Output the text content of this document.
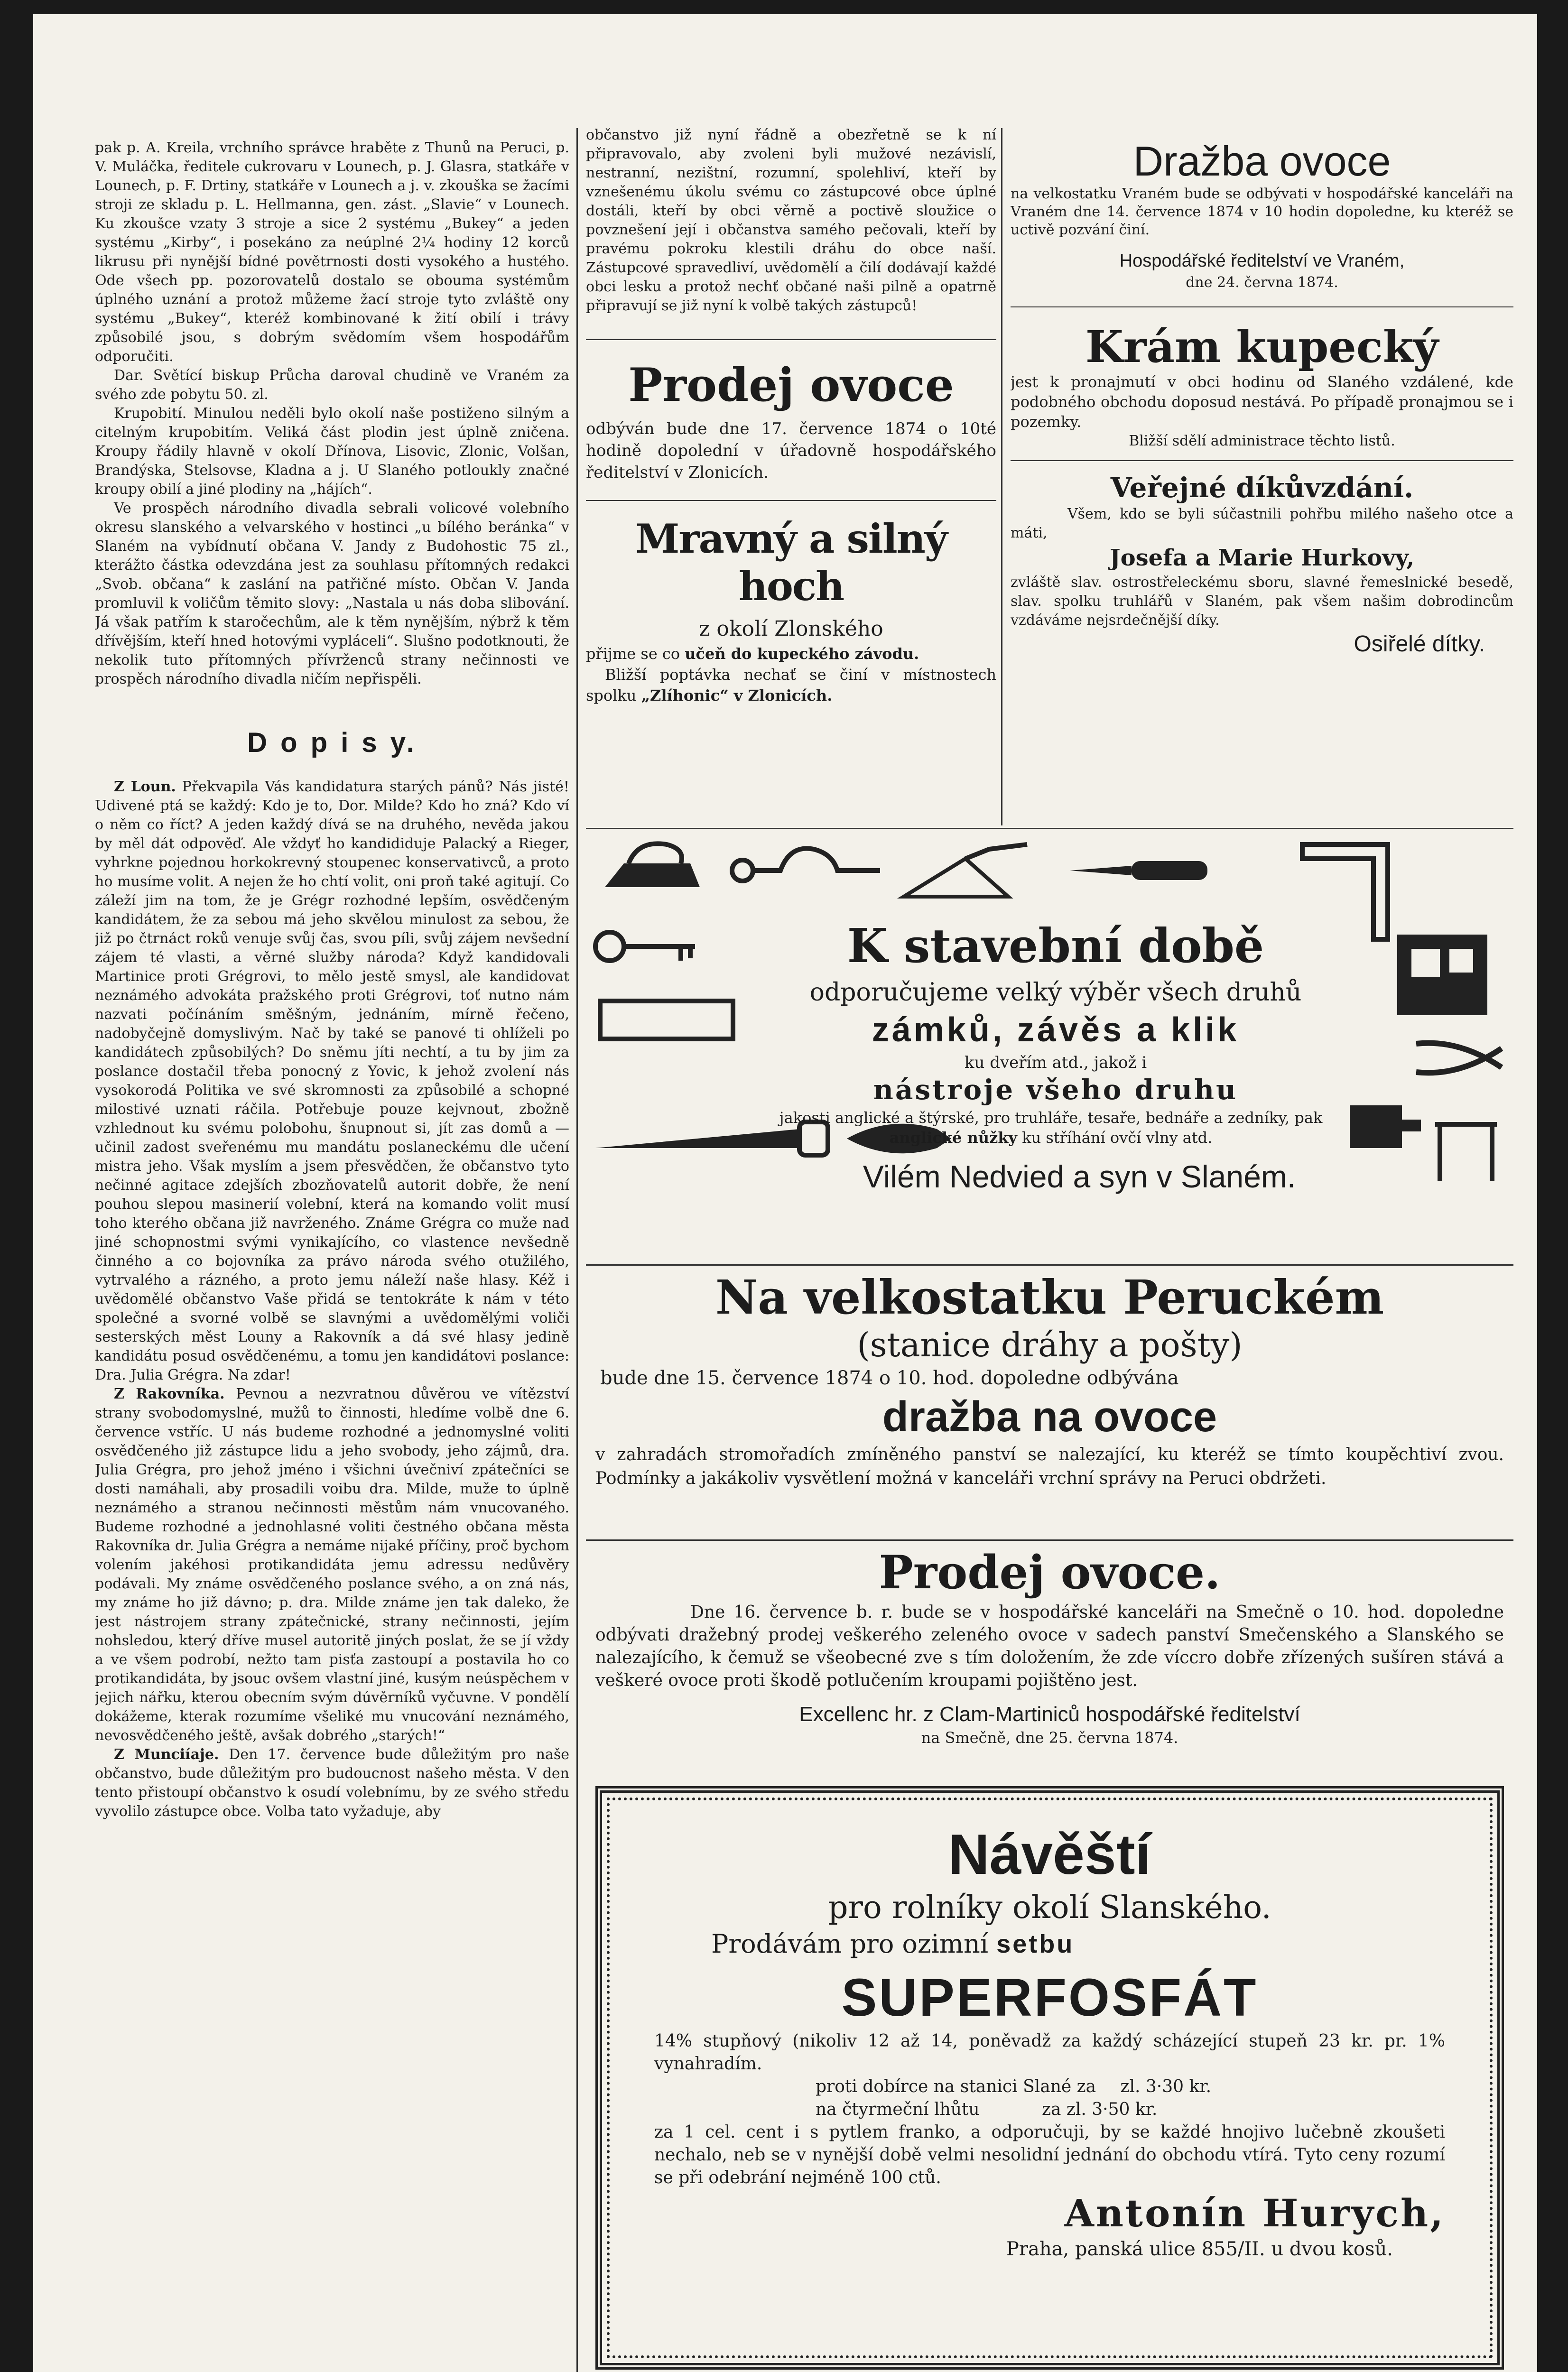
pak p. A. Kreila, vrchního správce hraběte z Thunů na Peruci, p. V. Muláčka, ředitele cukrovaru v Lounech, p. J. Glasra, statkáře v Lounech, p. F. Drtiny, statkáře v Lounech a j. v. zkouška se žacími stroji ze skladu p. L. Hellmanna, gen. zást. „Slavie“ v Lounech. Ku zkoušce vzaty 3 stroje a sice 2 systému „Bukey“ a jeden systému „Kirby“, i posekáno za neúplné 2¼ hodiny 12 korců likrusu při nynější bídné povětrnosti dosti vysokého a hustého. Ode všech pp. pozorovatelů dostalo se obouma systémům úplného uznání a protož můžeme žací stroje tyto zvláště ony systému „Bukey“, kteréž kombinované k žití obilí i trávy způsobilé jsou, s dobrým svědomím všem hospodářům odporučiti.

Dar. Světící biskup Průcha daroval chudině ve Vraném za svého zde pobytu 50. zl.

Krupobití. Minulou neděli bylo okolí naše postiženo silným a citelným krupobitím. Veliká část plodin jest úplně zničena. Kroupy řádily hlavně v okolí Dřínova, Lisovic, Zlonic, Volšan, Brandýska, Stelsovse, Kladna a j. U Slaného potloukly značné kroupy obilí a jiné plodiny na „hájích“.

Ve prospěch národního divadla sebrali volicové volebního okresu slanského a velvarského v hostinci „u bílého beránka“ v Slaném na vybídnutí občana V. Jandy z Budohostic 75 zl., kterážto částka odevzdána jest za souhlasu přítomných redakci „Svob. občana“ k zaslání na patřičné místo. Občan V. Janda promluvil k voličům těmito slovy: „Nastala u nás doba slibování. Já však patřím k staročechům, ale k těm nynějším, nýbrž k těm dřívějším, kteří hned hotovými vypláceli“. Slušno podotknouti, že nekolik tuto přítomných přívrženců strany nečinnosti ve prospěch národního divadla ničím nepřispěli.

D o p i s y.

Z Loun. Překvapila Vás kandidatura starých pánů? Nás jisté! Udivené ptá se každý: Kdo je to, Dor. Milde? Kdo ho zná? Kdo ví o něm co říct? A jeden každý dívá se na druhého, nevěda jakou by měl dát odpověď. Ale vždyť ho kandididuje Palacký a Rieger, vyhrkne pojednou horkokrevný stoupenec konservativců, a proto ho musíme volit. A nejen že ho chtí volit, oni proň také agitují. Co záleží jim na tom, že je Grégr rozhodné lepším, osvědčeným kandidátem, že za sebou má jeho skvělou minulost za sebou, že již po čtrnáct roků venuje svůj čas, svou píli, svůj zájem nevšední zájem té vlasti, a věrné služby národa? Když kandidovali Martinice proti Grégrovi, to mělo jestě smysl, ale kandidovat neznámého advokáta pražského proti Grégrovi, toť nutno nám nazvati počínáním směšným, jednáním, mírně řečeno, nadobyčejně domyslivým. Nač by také se panové ti ohlíželi po kandidátech způsobilých? Do sněmu jíti nechtí, a tu by jim za poslance dostačil třeba ponocný z Yovic, k jehož zvolení nás vysokorodá Politika ve své skromnosti za způsobilé a schopné milostivé uznati ráčila. Potřebuje pouze kejvnout, zbožně vzhlednout ku svému polobohu, šnupnout si, jít zas domů a — učinil zadost sveřenému mu mandátu poslaneckému dle učení mistra jeho. Však myslím a jsem přesvědčen, že občanstvo tyto nečinné agitace zdejších zbozňovatelů autorit dobře, že není pouhou slepou masinerií volební, která na komando volit musí toho kterého občana již navrženého. Známe Grégra co muže nad jiné schopnostmi svými vynikajícího, co vlastence nevšedně činného a co bojovníka za právo národa svého otužilého, vytrvalého a rázného, a proto jemu náleží naše hlasy. Kéž i uvědomělé občanstvo Vaše přidá se tentokráte k nám v této společné a svorné volbě se slavnými a uvědomělými voliči sesterských měst Louny a Rakovník a dá své hlasy jedině kandidátu posud osvědčenému, a tomu jen kandidátovi poslance: Dra. Julia Grégra. Na zdar!

Z Rakovníka. Pevnou a nezvratnou důvěrou ve vítězství strany svobodomyslné, mužů to činnosti, hledíme volbě dne 6. července vstříc. U nás budeme rozhodné a jednomyslné voliti osvědčeného již zástupce lidu a jeho svobody, jeho zájmů, dra. Julia Grégra, pro jehož jméno i všichni úvečniví zpátečníci se dosti namáhali, aby prosadili voibu dra. Milde, muže to úplně neznámého a stranou nečinnosti městům nám vnucovaného. Budeme rozhodné a jednohlasné voliti čestného občana města Rakovníka dr. Julia Grégra a nemáme nijaké příčiny, proč bychom volením jakéhosi protikandidáta jemu adressu nedůvěry podávali. My známe osvědčeného poslance svého, a on zná nás, my známe ho již dávno; p. dra. Milde známe jen tak daleko, že jest nástrojem strany zpátečnické, strany nečinnosti, jejím nohsledou, který dříve musel autoritě jiných poslat, že se jí vždy a ve všem podrobí, nežto tam pisťa zastoupí a postavila ho co protikandidáta, by jsouc ovšem vlastní jiné, kusým neúspěchem v jejich nářku, kterou obecním svým dúvěrníků vyčuvne. V pondělí dokážeme, kterak rozumíme všeliké mu vnucování neznámého, nevosvědčeného ještě, avšak dobrého „starých!“

Z Munciíaje. Den 17. července bude důležitým pro naše občanstvo, bude důležitým pro budoucnost našeho města. V den tento přistoupí občanstvo k osudí volebnímu, by ze svého středu vyvolilo zástupce obce. Volba tato vyžaduje, aby

občanstvo již nyní řádně a obezřetně se k ní připravovalo, aby zvoleni byli mužové nezávislí, nestranní, nezištní, rozumní, spolehliví, kteří by vznešenému úkolu svému co zástupcové obce úplné dostáli, kteří by obci věrně a poctivě sloužice o povznešení její i občanstva samého pečovali, kteří by pravému pokroku klestili dráhu do obce naší. Zástupcové spravedliví, uvědomělí a čilí dodávají každé obci lesku a protož nechť občané naši pilně a opatrně připravují se již nyní k volbě takých zástupců!

Prodej ovoce

odbýván bude dne 17. července 1874 o 10té hodině dopolední v úřadovně hospodářského ředitelství v Zlonicích.

Mravný a silný hoch
z okolí Zlonského

přijme se co učeň do kupeckého závodu.

Bližší poptávka nechať se činí v místnostech spolku „Zlíhonic“ v Zlonicích.

Dražba ovoce

na velkostatku Vraném bude se odbývati v hospodářské kanceláři na Vraném dne 14. července 1874 v 10 hodin dopoledne, ku kteréž se uctivě pozvání činí.

Hospodářské ředitelství ve Vraném,
dne 24. června 1874.
Krám kupecký

jest k pronajmutí v obci hodinu od Slaného vzdálené, kde podobného obchodu doposud nestává. Po případě pronajmou se i pozemky.

Bližší sdělí administrace těchto listů.
Veřejné díkůvzdání.

Všem, kdo se byli súčastnili pohřbu milého našeho otce a máti,

Josefa a Marie Hurkovy,

zvláště slav. ostrostřeleckému sboru, slavné řemeslnické besedě, slav. spolku truhlářů v Slaném, pak všem našim dobrodincům vzdáváme nejsrdečnější díky.

Osiřelé dítky.
K stavební době
odporučujeme velký výběr všech druhů
zámků, závěs a klik
ku dveřím atd., jakož i
nástroje všeho druhu
jakosti anglické a štýrské, pro truhláře, tesaře, bednáře a zedníky, pak anglické nůžky ku stříhání ovčí vlny atd.
Vilém Nedvied a syn v Slaném.
Na velkostatku Peruckém
(stanice dráhy a pošty)
bude dne 15. července 1874 o 10. hod. dopoledne odbývána
dražba na ovoce

v zahradách stromořadích zmíněného panství se nalezající, ku kteréž se tímto koupěchtiví zvou. Podmínky a jakákoliv vysvětlení možná v kanceláři vrchní správy na Peruci obdržeti.

Prodej ovoce.

Dne 16. července b. r. bude se v hospodářské kanceláři na Smečně o 10. hod. dopoledne odbývati dražebný prodej veškerého zeleného ovoce v sadech panství Smečenského a Slanského se nalezajícího, k čemuž se všeobecné zve s tím doložením, že zde víccro dobře zřízených sušíren stává a veškeré ovoce proti škodě potlučením kroupami pojištěno jest.

Excellenc hr. z Clam-Martiniců hospodářské ředitelství
na Smečně, dne 25. června 1874.
Návěští
pro rolníky okolí Slanského.
Prodávám pro ozimní setbu
SUPERFOSFÁT

14% stupňový (nikoliv 12 až 14, poněvadž za každý scházející stupeň 23 kr. pr. 1% vynahradím.

proti dobírce na stanici Slané za zl. 3·30 kr.
na čtyrmeční lhůtu	za zl. 3·50 kr.

za 1 cel. cent i s pytlem franko, a odporučuji, by se každé hnojivo lučebně zkoušeti nechalo, neb se v nynější době velmi nesolidní jednání do obchodu vtírá. Tyto ceny rozumí se při odebrání nejméně 100 ctů.

Antonín Hurych,
Praha, panská ulice 855/II. u dvou kosů.
